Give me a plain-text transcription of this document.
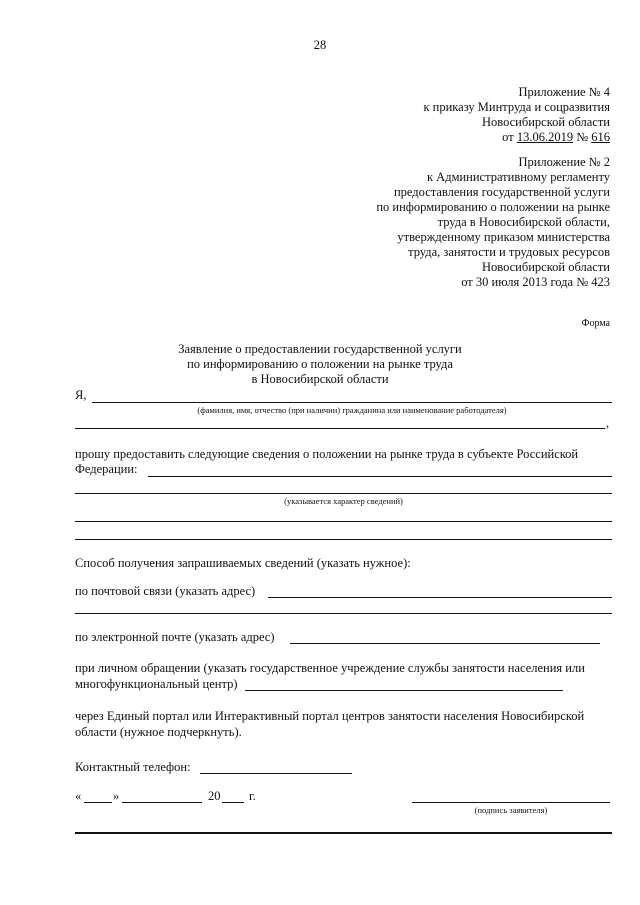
28
Приложение № 4
к приказу Минтруда и соцразвития
Новосибирской области
от 13.06.2019 № 616
Приложение № 2
к Административному регламенту
предоставления государственной услуги
по информированию о положении на рынке
труда в Новосибирской области,
утвержденному приказом министерства
труда, занятости и трудовых ресурсов
Новосибирской области
от 30 июля 2013 года № 423
Форма
Заявление о предоставлении государственной услуги
по информированию о положении на рынке труда
в Новосибирской области
Я,
(фамилия, имя, отчество (при наличии) гражданина или наименование работодателя)
,
прошу предоставить следующие сведения о положении на рынке труда в субъекте Российской
Федерации:
(указывается характер сведений)
Способ получения запрашиваемых сведений (указать нужное):
по почтовой связи (указать адрес)
по электронной почте (указать адрес)
при личном обращении (указать государственное учреждение службы занятости населения или
многофункциональный центр)
через Единый портал или Интерактивный портал центров занятости населения Новосибирской
области (нужное подчеркнуть).
Контактный телефон:
«	»	20 г.
(подпись заявителя)
